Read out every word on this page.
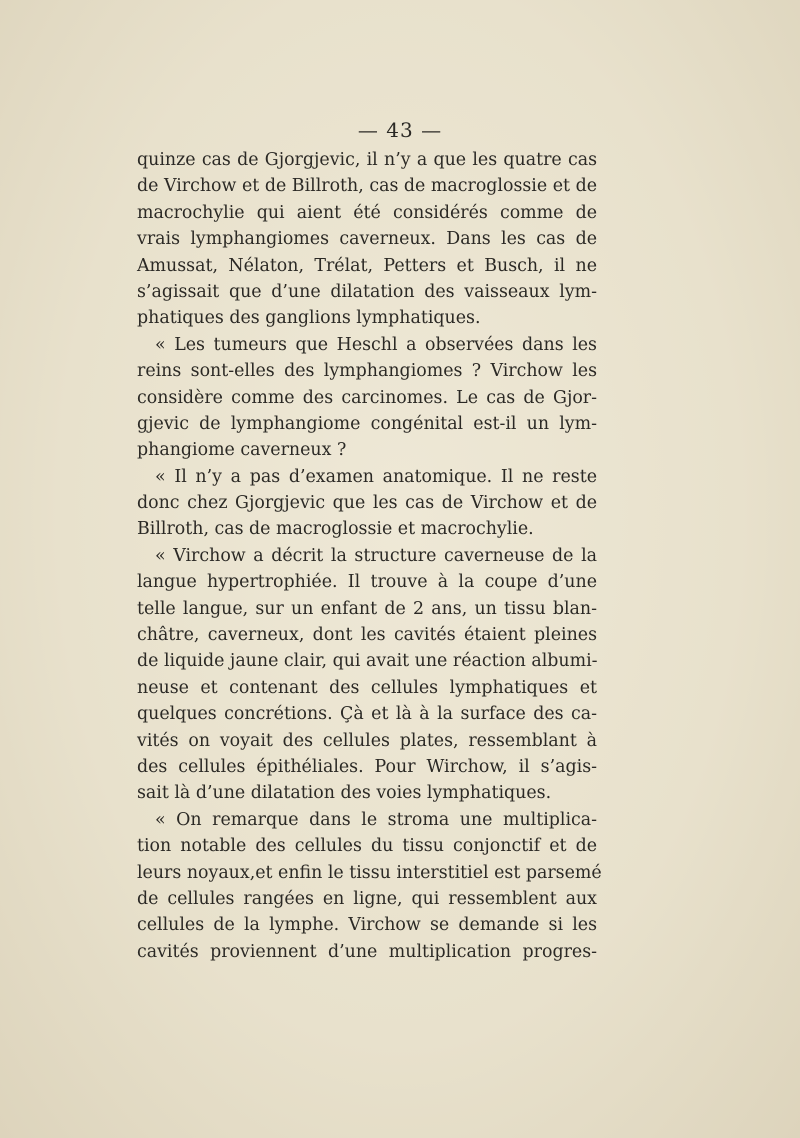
— 43 —
quinze cas de Gjorgjevic, il n’y a que les quatre cas
de Virchow et de Billroth, cas de macroglossie et de
macrochylie qui aient été considérés comme de
vrais lymphangiomes caverneux. Dans les cas de
Amussat, Nélaton, Trélat, Petters et Busch, il ne
s’agissait que d’une dilatation des vaisseaux lym-
phatiques des ganglions lymphatiques.
« Les tumeurs que Heschl a observées dans les
reins sont-elles des lymphangiomes ? Virchow les
considère comme des carcinomes. Le cas de Gjor-
gjevic de lymphangiome congénital est-il un lym-
phangiome caverneux ?
« Il n’y a pas d’examen anatomique. Il ne reste
donc chez Gjorgjevic que les cas de Virchow et de
Billroth, cas de macroglossie et macrochylie.
« Virchow a décrit la structure caverneuse de la
langue hypertrophiée. Il trouve à la coupe d’une
telle langue, sur un enfant de 2 ans, un tissu blan-
châtre, caverneux, dont les cavités étaient pleines
de liquide jaune clair, qui avait une réaction albumi-
neuse et contenant des cellules lymphatiques et
quelques concrétions. Çà et là à la surface des ca-
vités on voyait des cellules plates, ressemblant à
des cellules épithéliales. Pour Wirchow, il s’agis-
sait là d’une dilatation des voies lymphatiques.
« On remarque dans le stroma une multiplica-
tion notable des cellules du tissu conjonctif et de
leurs noyaux,et enfin le tissu interstitiel est parsemé
de cellules rangées en ligne, qui ressemblent aux
cellules de la lymphe. Virchow se demande si les
cavités proviennent d’une multiplication progres-
